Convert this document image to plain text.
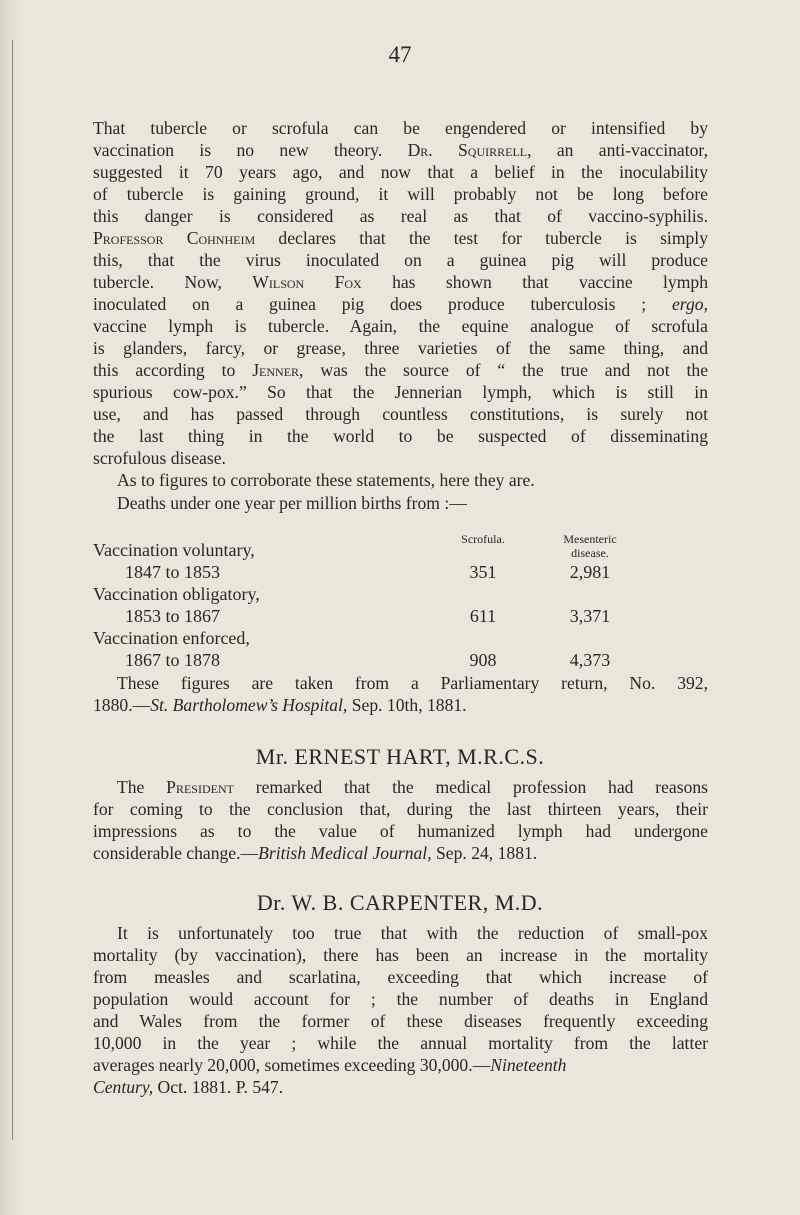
47
That tubercle or scrofula can be engendered or intensified by
vaccination is no new theory. Dr. Squirrell, an anti-vaccinator,
suggested it 70 years ago, and now that a belief in the inoculability
of tubercle is gaining ground, it will probably not be long before
this danger is considered as real as that of vaccino-syphilis.
Professor Cohnheim declares that the test for tubercle is simply
this, that the virus inoculated on a guinea pig will produce
tubercle. Now, Wilson Fox has shown that vaccine lymph
inoculated on a guinea pig does produce tuberculosis ; ergo,
vaccine lymph is tubercle. Again, the equine analogue of scrofula
is glanders, farcy, or grease, three varieties of the same thing, and
this according to Jenner, was the source of “ the true and not the
spurious cow-pox.” So that the Jennerian lymph, which is still in
use, and has passed through countless constitutions, is surely not
the last thing in the world to be suspected of disseminating
scrofulous disease.
As to figures to corroborate these statements, here they are.
Deaths under one year per million births from :—
Scrofula.	Mesenteric
disease.
Vaccination voluntary,
1847 to 1853	351	2,981
Vaccination obligatory,
1853 to 1867	611	3,371
Vaccination enforced,
1867 to 1878	908	4,373
These figures are taken from a Parliamentary return, No. 392,
1880.—St. Bartholomew’s Hospital, Sep. 10th, 1881.
Mr. ERNEST HART, M.R.C.S.
The President remarked that the medical profession had reasons
for coming to the conclusion that, during the last thirteen years, their
impressions as to the value of humanized lymph had undergone
considerable change.—British Medical Journal, Sep. 24, 1881.
Dr. W. B. CARPENTER, M.D.
It is unfortunately too true that with the reduction of small-pox
mortality (by vaccination), there has been an increase in the mortality
from measles and scarlatina, exceeding that which increase of
population would account for ; the number of deaths in England
and Wales from the former of these diseases frequently exceeding
10,000 in the year ; while the annual mortality from the latter
averages nearly 20,000, sometimes exceeding 30,000.—Nineteenth
Century, Oct. 1881. P. 547.
